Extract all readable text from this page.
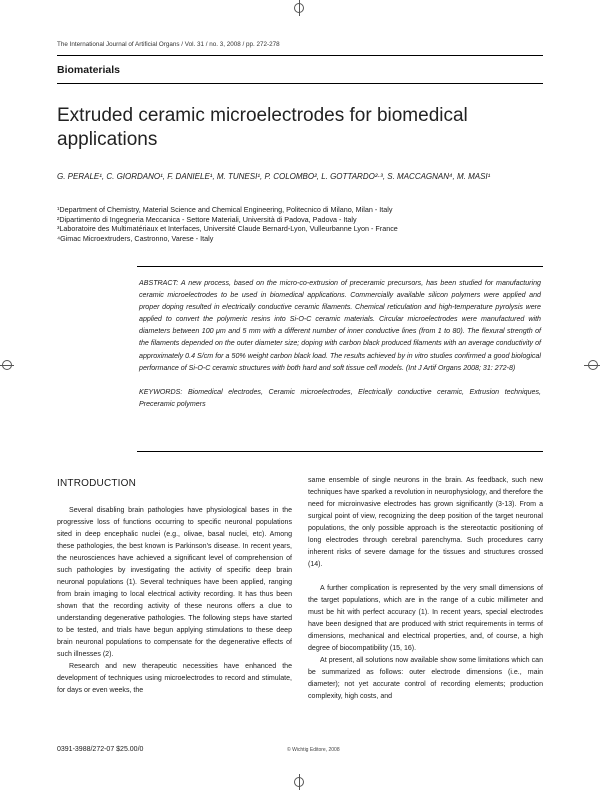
The International Journal of Artificial Organs / Vol. 31 / no. 3, 2008 / pp. 272-278
Biomaterials
Extruded ceramic microelectrodes for biomedical applications
G. PERALE¹, C. GIORDANO¹, F. DANIELE¹, M. TUNESI¹, P. COLOMBO², L. GOTTARDO²·³, S. MACCAGNAN⁴, M. MASI¹
¹Department of Chemistry, Material Science and Chemical Engineering, Politecnico di Milano, Milan - Italy
²Dipartimento di Ingegneria Meccanica - Settore Materiali, Università di Padova, Padova - Italy
³Laboratoire des Multimatériaux et Interfaces, Université Claude Bernard-Lyon, Vulleurbanne Lyon - France
⁴Gimac Microextruders, Castronno, Varese - Italy

ABSTRACT: A new process, based on the micro-co-extrusion of preceramic precursors, has been studied for manufacturing ceramic microelectrodes to be used in biomedical applications. Commercially available silicon polymers were applied and proper doping resulted in electrically conductive ceramic filaments. Chemical reticulation and high-temperature pyrolysis were applied to convert the polymeric resins into Si-O-C ceramic materials. Circular microelectrodes were manufactured with diameters between 100 μm and 5 mm with a different number of inner conductive lines (from 1 to 80). The flexural strength of the filaments depended on the outer diameter size; doping with carbon black produced filaments with an average conductivity of approximately 0.4 S/cm for a 50% weight carbon black load. The results achieved by in vitro studies confirmed a good biological performance of Si-O-C ceramic structures with both hard and soft tissue cell models. (Int J Artif Organs 2008; 31: 272-8)

KEYWORDS: Biomedical electrodes, Ceramic microelectrodes, Electrically conductive ceramic, Extrusion techniques, Preceramic polymers
INTRODUCTION

Several disabling brain pathologies have physiological bases in the progressive loss of functions occurring to specific neuronal populations sited in deep encephalic nuclei (e.g., olivae, basal nuclei, etc). Among these pathologies, the best known is Parkinson's disease. In recent years, the neurosciences have achieved a significant level of comprehension of such pathologies by investigating the activity of specific deep brain neuronal populations (1). Several techniques have been applied, ranging from brain imaging to local electrical activity recording. It has thus been shown that the recording activity of these neurons offers a clue to understanding degenerative pathologies. The following steps have started to be tested, and trials have begun applying stimulations to these deep brain neuronal populations to compensate for the degenerative effects of such illnesses (2).

Research and new therapeutic necessities have enhanced the development of techniques using microelectrodes to record and stimulate, for days or even weeks, the

same ensemble of single neurons in the brain. As feedback, such new techniques have sparked a revolution in neurophysiology, and therefore the need for microinvasive electrodes has grown significantly (3-13). From a surgical point of view, recognizing the deep position of the target neuronal populations, the only possible approach is the stereotactic positioning of long electrodes through cerebral parenchyma. Such procedures carry inherent risks of severe damage for the tissues and structures crossed (14).

A further complication is represented by the very small dimensions of the target populations, which are in the range of a cubic millimeter and must be hit with perfect accuracy (1). In recent years, special electrodes have been designed that are produced with strict requirements in terms of dimensions, mechanical and electrical properties, and, of course, a high degree of biocompatibility (15, 16).

At present, all solutions now available show some limitations which can be summarized as follows: outer electrode dimensions (i.e., main diameter); not yet accurate control of recording elements; production complexity, high costs, and

0391-3988/272-07 $25.00/0	© Wichtig Editore, 2008
